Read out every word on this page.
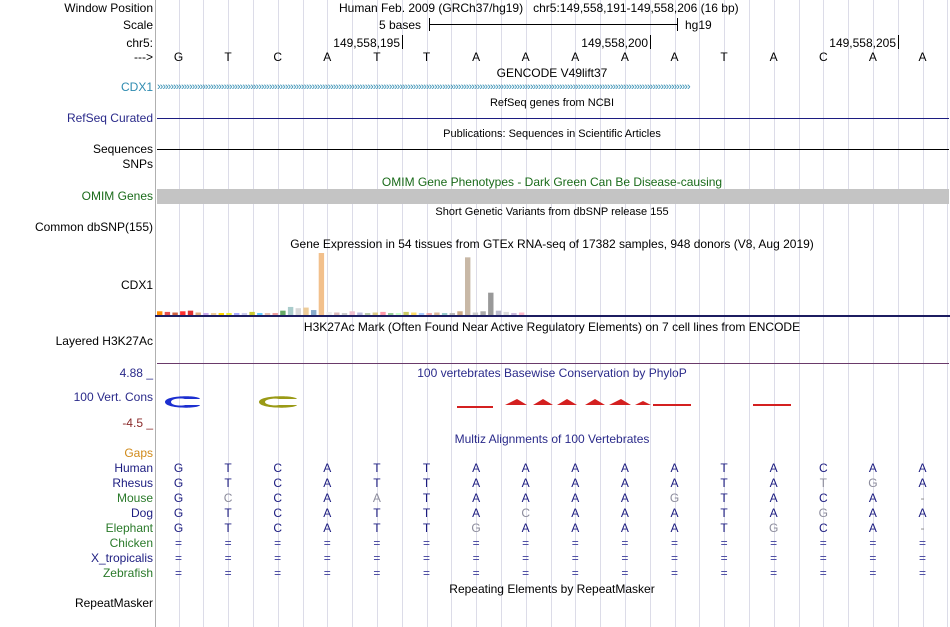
Window Position
Scale
chr5:
--->
Human Feb. 2009 (GRCh37/hg19) chr5:149,558,191-149,558,206 (16 bp)
5 bases	hg19
149,558,195	149,558,200	149,558,205
G	T	C	A	T	T	A	A	A	A	A	T	A	C	A	A
GENCODE V49lift37
CDX1 ››››››››››››››››››››››››››››››››››››››››››››››››››››››››››››››››››››››››››››››››››››››››››››››››››››››››››››››››››››››››››››››››››››››››››››››››››››››››››››››››››››››››››››››››››››››››››››››››››››››››
RefSeq genes from NCBI
RefSeq Curated
Publications: Sequences in Scientific Articles
Sequences
SNPs
OMIM Gene Phenotypes - Dark Green Can Be Disease-causing
OMIM Genes
Short Genetic Variants from dbSNP release 155
Common dbSNP(155)
Gene Expression in 54 tissues from GTEx RNA-seq of 17382 samples, 948 donors (V8, Aug 2019)
CDX1
H3K27Ac Mark (Often Found Near Active Regulatory Elements) on 7 cell lines from ENCODE
Layered H3K27Ac
100 vertebrates Basewise Conservation by PhyloP
4.88 _
100 Vert. Cons
-4.5 _
Multiz Alignments of 100 Vertebrates
Gaps
Human G	T	C	A	T	T	A	A	A	A	A	T	A	C	A	A
Rhesus G	T	C	A	T	T	A	A	A	A	A	T	A	T	G	A
Mouse G	C	C	A	A	T	A	A	A	A	G	T	A	C	A	-
Dog G	T	C	A	T	T	A	C	A	A	A	T	A	G	A	A
Elephant G	T	C	A	T	T	G	A	A	A	A	T	G	C	A	-
Chicken =	=	=	=	=	=	=	=	=	=	=	=	=	=	=	=
X_tropicalis =	=	=	=	=	=	=	=	=	=	=	=	=	=	=	=
Zebrafish =	=	=	=	=	=	=	=	=	=	=	=	=	=	=	=
Repeating Elements by RepeatMasker
RepeatMasker
